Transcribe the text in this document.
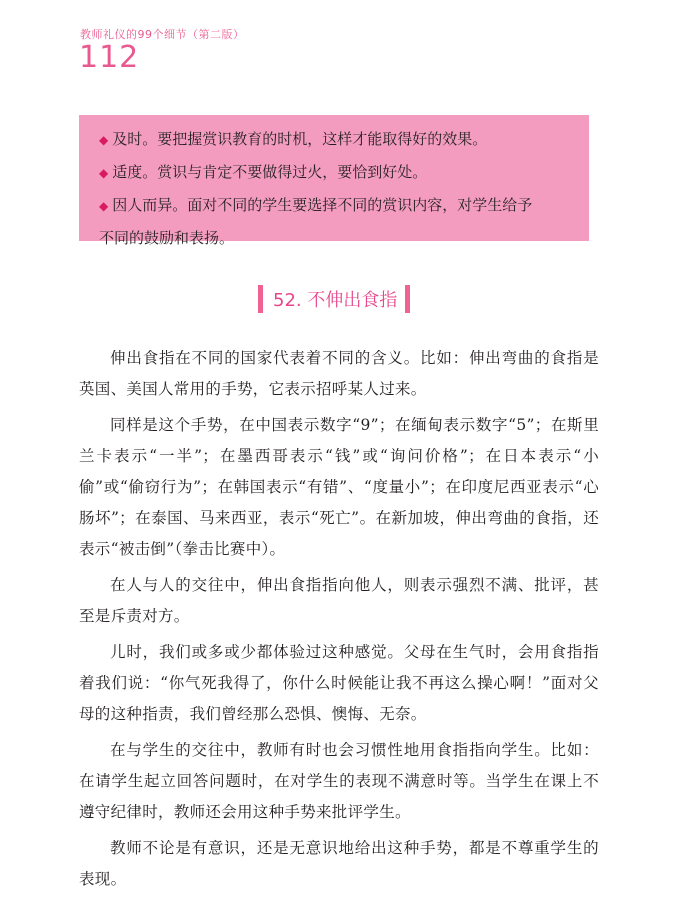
教师礼仪的99个细节（第二版）
112

◆ 及时。要把握赏识教育的时机，这样才能取得好的效果。

◆ 适度。赏识与肯定不要做得过火，要恰到好处。

◆ 因人而异。面对不同的学生要选择不同的赏识内容，对学生给予

不同的鼓励和表扬。

52. 不伸出食指

伸出食指在不同的国家代表着不同的含义。比如：伸出弯曲的食指是英国、美国人常用的手势，它表示招呼某人过来。

同样是这个手势，在中国表示数字“9”；在缅甸表示数字“5”；在斯里兰卡表示“一半”；在墨西哥表示“钱”或“询问价格”；在日本表示“小偷”或“偷窃行为”；在韩国表示“有错”、“度量小”；在印度尼西亚表示“心肠坏”；在泰国、马来西亚，表示“死亡”。在新加坡，伸出弯曲的食指，还表示“被击倒”（拳击比赛中）。

在人与人的交往中，伸出食指指向他人，则表示强烈不满、批评，甚至是斥责对方。

儿时，我们或多或少都体验过这种感觉。父母在生气时，会用食指指着我们说：“你气死我得了，你什么时候能让我不再这么操心啊！”面对父母的这种指责，我们曾经那么恐惧、懊悔、无奈。

在与学生的交往中，教师有时也会习惯性地用食指指向学生。比如：在请学生起立回答问题时，在对学生的表现不满意时等。当学生在课上不遵守纪律时，教师还会用这种手势来批评学生。

教师不论是有意识，还是无意识地给出这种手势，都是不尊重学生的表现。
